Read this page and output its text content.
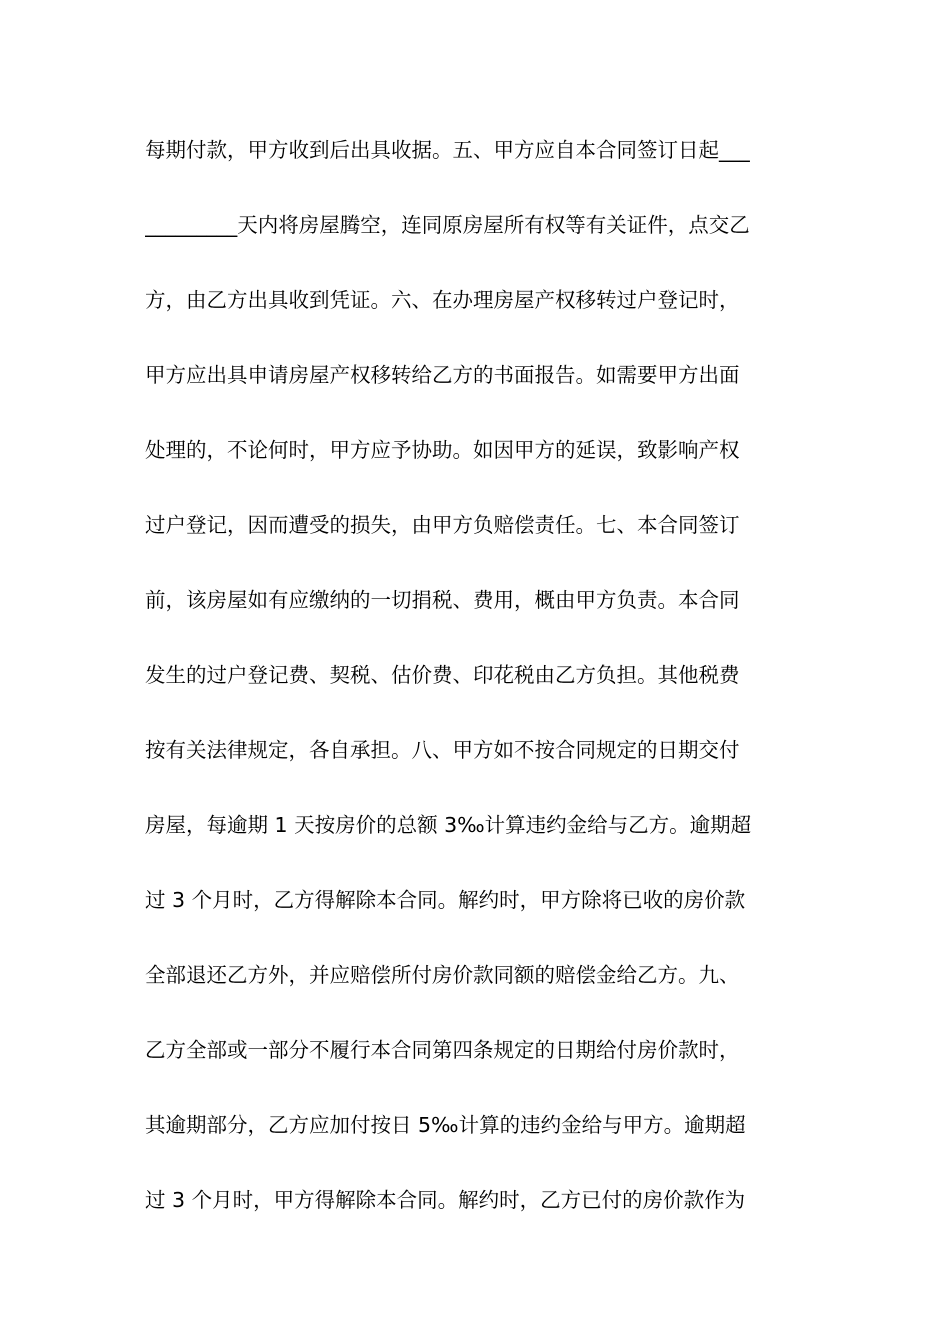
每期付款，甲方收到后出具收据。五、甲方应自本合同签订日起___
_________天内将房屋腾空，连同原房屋所有权等有关证件，点交乙
方，由乙方出具收到凭证。六、在办理房屋产权移转过户登记时，
甲方应出具申请房屋产权移转给乙方的书面报告。如需要甲方出面
处理的，不论何时，甲方应予协助。如因甲方的延误，致影响产权
过户登记，因而遭受的损失，由甲方负赔偿责任。七、本合同签订
前，该房屋如有应缴纳的一切捐税、费用，概由甲方负责。本合同
发生的过户登记费、契税、估价费、印花税由乙方负担。其他税费
按有关法律规定，各自承担。八、甲方如不按合同规定的日期交付
房屋，每逾期 1 天按房价的总额 3‰计算违约金给与乙方。逾期超
过 3 个月时，乙方得解除本合同。解约时，甲方除将已收的房价款
全部退还乙方外，并应赔偿所付房价款同额的赔偿金给乙方。九、
乙方全部或一部分不履行本合同第四条规定的日期给付房价款时，
其逾期部分，乙方应加付按日 5‰计算的违约金给与甲方。逾期超
过 3 个月时，甲方得解除本合同。解约时，乙方已付的房价款作为
